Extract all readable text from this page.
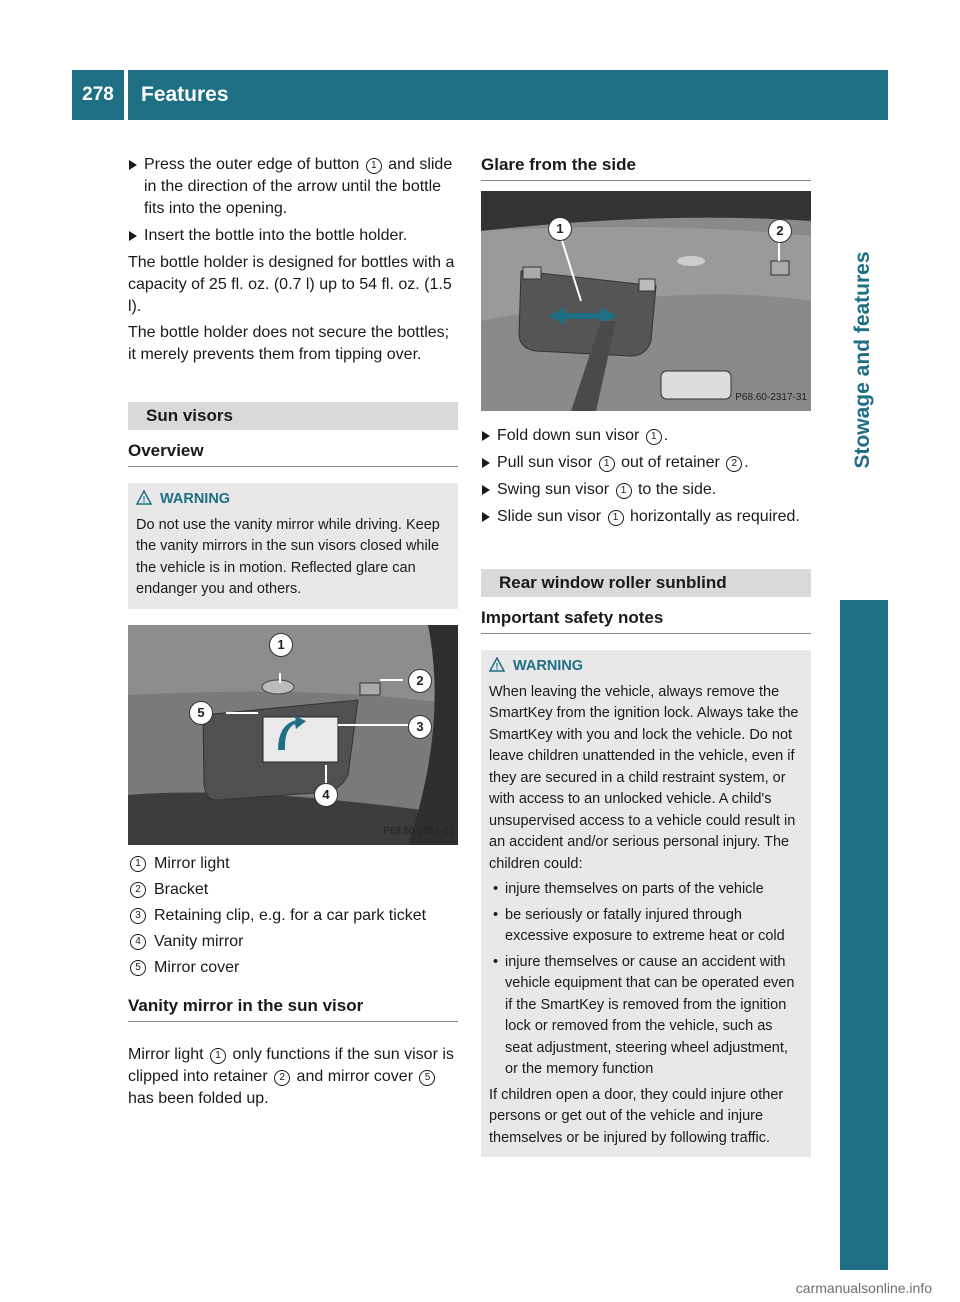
278	Features
Stowage and features
Press the outer edge of button 1 and slide in the direction of the arrow until the bottle fits into the opening.
Insert the bottle into the bottle holder.

The bottle holder is designed for bottles with a capacity of 25 fl. oz. (0.7 l) up to 54 fl. oz. (1.5 l).

The bottle holder does not secure the bottles; it merely prevents them from tipping over.

Sun visors
Overview
! WARNING
Do not use the vanity mirror while driving. Keep the vanity mirrors in the sun visors closed while the vehicle is in motion. Reflected glare can endanger you and others.
1
2
3
4
5
P68.60-2311-31
1 Mirror light
2 Bracket
3 Retaining clip, e.g. for a car park ticket
4 Vanity mirror
5 Mirror cover
Vanity mirror in the sun visor

Mirror light 1 only functions if the sun visor is clipped into retainer 2 and mirror cover 5 has been folded up.

Glare from the side
1	2
P68.60-2317-31
Fold down sun visor 1 .
Pull sun visor 1 out of retainer 2 .
Swing sun visor 1 to the side.
Slide sun visor 1 horizontally as required.
Rear window roller sunblind
Important safety notes
! WARNING
When leaving the vehicle, always remove the SmartKey from the ignition lock. Always take the SmartKey with you and lock the vehicle. Do not leave children unattended in the vehicle, even if they are secured in a child restraint system, or with access to an unlocked vehicle. A child's unsupervised access to a vehicle could result in an accident and/or serious personal injury. The children could:
• injure themselves on parts of the vehicle
• be seriously or fatally injured through excessive exposure to extreme heat or cold
• injure themselves or cause an accident with vehicle equipment that can be operated even if the SmartKey is removed from the ignition lock or removed from the vehicle, such as seat adjustment, steering wheel adjustment, or the memory function
If children open a door, they could injure other persons or get out of the vehicle and injure themselves or be injured by following traffic.
carmanualsonline.info
